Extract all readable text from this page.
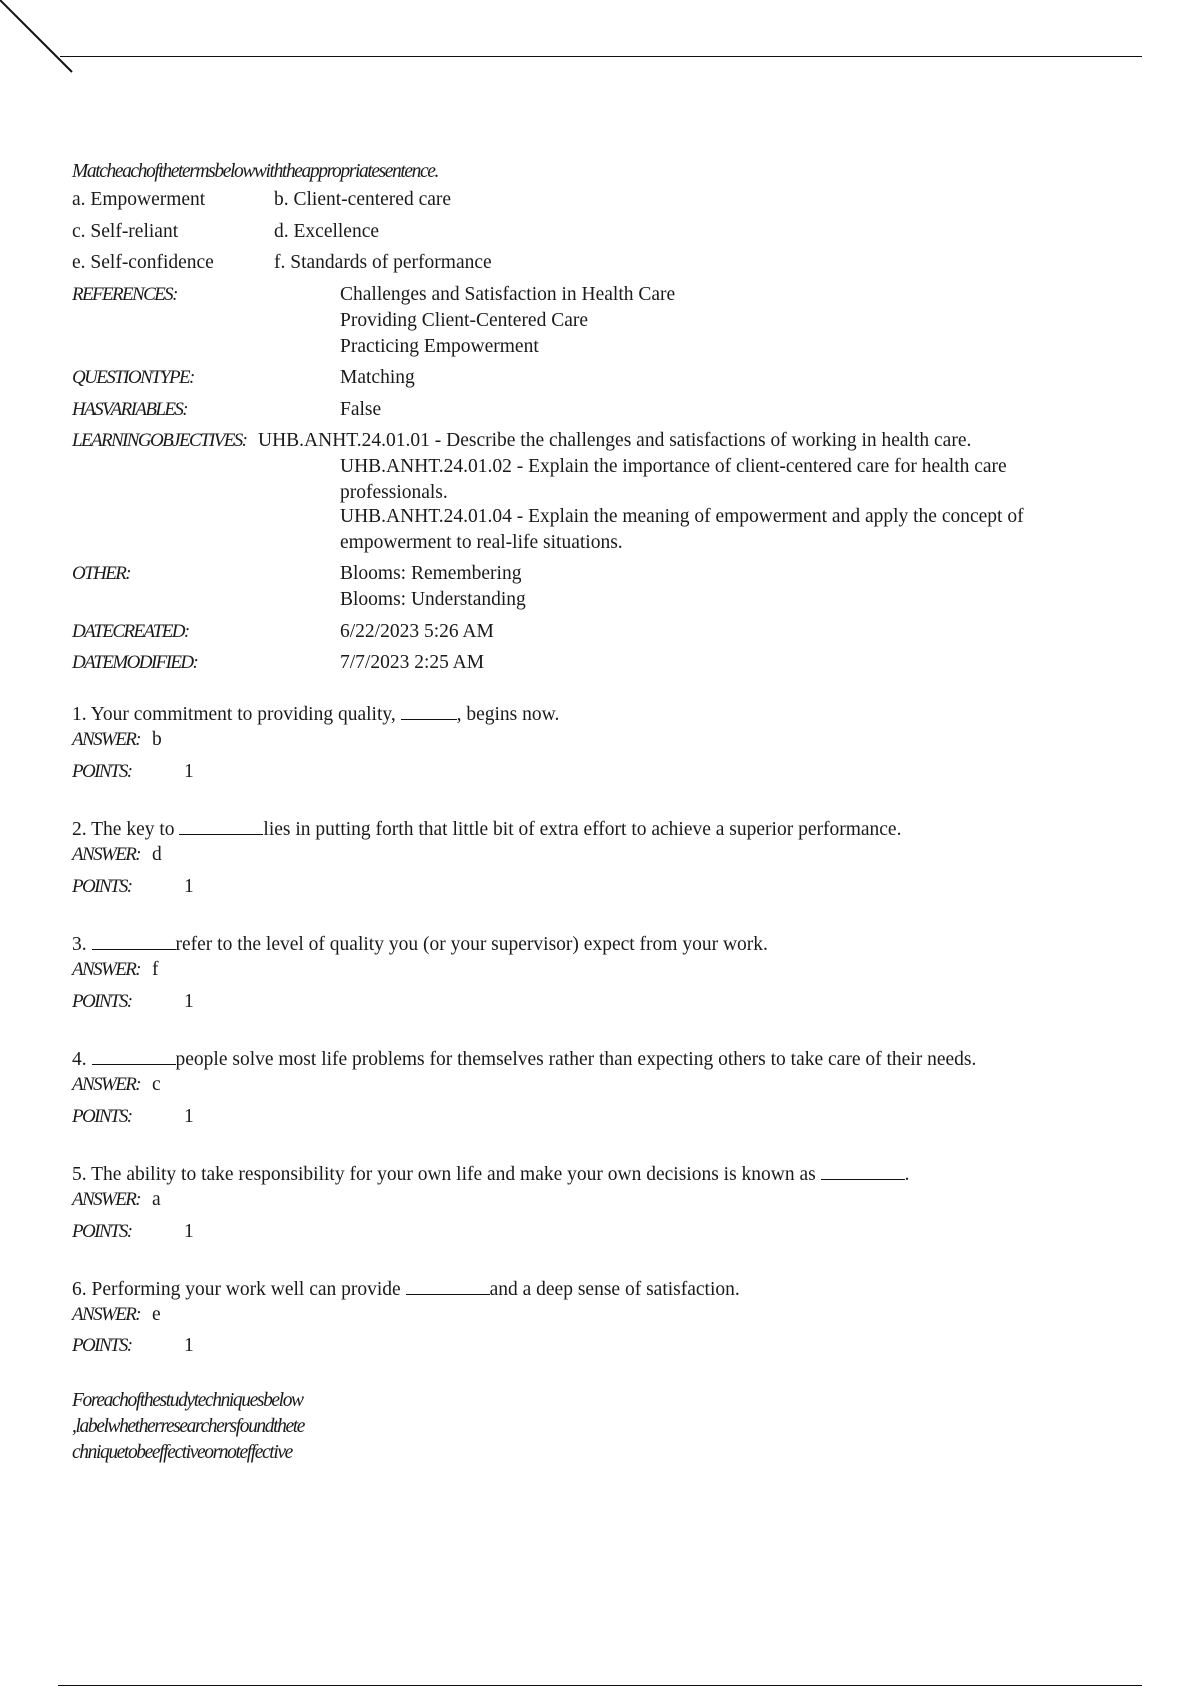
Matcheachofthetermsbelowwiththeappropriatesentence.
a. Empowerment	b. Client-centered care
c. Self-reliant	d. Excellence
e. Self-confidence	f. Standards of performance
REFERENCES:	Challenges and Satisfaction in Health Care
Providing Client-Centered Care
Practicing Empowerment
QUESTIONTYPE:	Matching
HASVARIABLES:	False
LEARNINGOBJECTIVES: UHB.ANHT.24.01.01 - Describe the challenges and satisfactions of working in health care.
UHB.ANHT.24.01.02 - Explain the importance of client-centered care for health care
professionals.
UHB.ANHT.24.01.04 - Explain the meaning of empowerment and apply the concept of
empowerment to real-life situations.
OTHER:	Blooms: Remembering
Blooms: Understanding
DATECREATED:	6/22/2023 5:26 AM
DATEMODIFIED:	7/7/2023 2:25 AM
1. Your commitment to providing quality,	, begins now.
ANSWER: b
POINTS:	1
2. The key to	lies in putting forth that little bit of extra effort to achieve a superior performance.
ANSWER: d
POINTS:	1
3.	refer to the level of quality you (or your supervisor) expect from your work.
ANSWER: f
POINTS:	1
4.	people solve most life problems for themselves rather than expecting others to take care of their needs.
ANSWER: c
POINTS:	1
5. The ability to take responsibility for your own life and make your own decisions is known as	.
ANSWER: a
POINTS:	1
6. Performing your work well can provide	and a deep sense of satisfaction.
ANSWER: e
POINTS:	1
Foreachofthestudytechniquesbelow
,labelwhetherresearchersfoundthete
chniquetobeeffectiveornoteffective
